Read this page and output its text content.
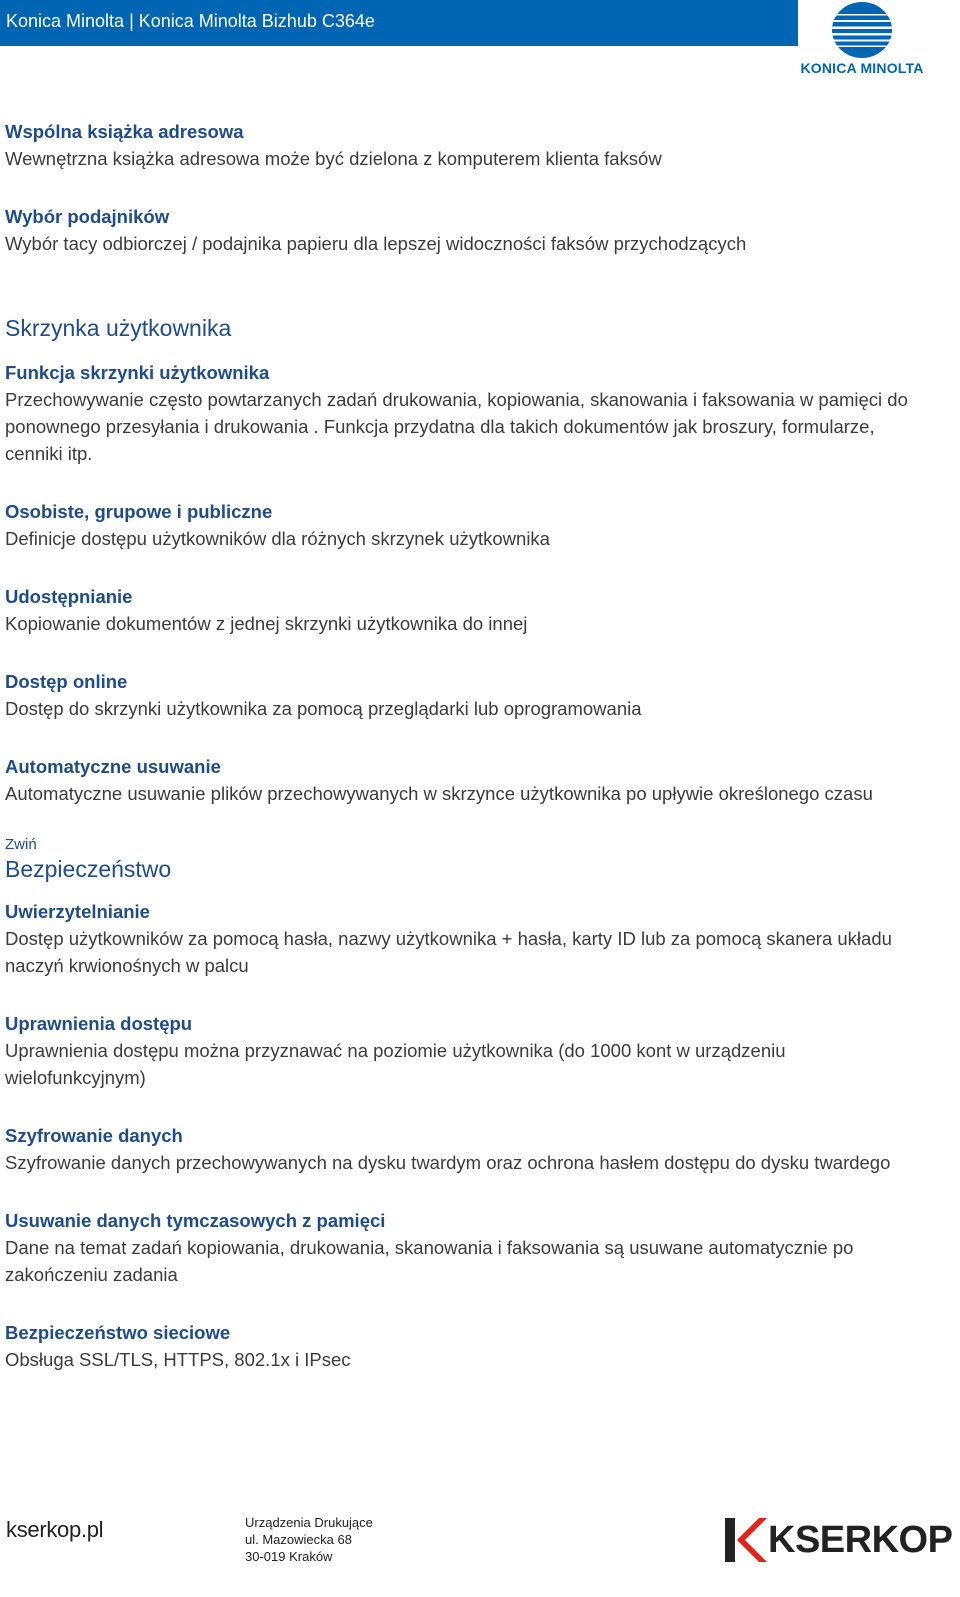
Konica Minolta | Konica Minolta Bizhub C364e
KONICA MINOLTA
Wspólna książka adresowa
Wewnętrzna książka adresowa może być dzielona z komputerem klienta faksów
Wybór podajników
Wybór tacy odbiorczej / podajnika papieru dla lepszej widoczności faksów przychodzących
Skrzynka użytkownika
Funkcja skrzynki użytkownika
Przechowywanie często powtarzanych zadań drukowania, kopiowania, skanowania i faksowania w pamięci do ponownego przesyłania i drukowania . Funkcja przydatna dla takich dokumentów jak broszury, formularze, cenniki itp.
Osobiste, grupowe i publiczne
Definicje dostępu użytkowników dla różnych skrzynek użytkownika
Udostępnianie
Kopiowanie dokumentów z jednej skrzynki użytkownika do innej
Dostęp online
Dostęp do skrzynki użytkownika za pomocą przeglądarki lub oprogramowania
Automatyczne usuwanie
Automatyczne usuwanie plików przechowywanych w skrzynce użytkownika po upływie określonego czasu
Zwiń
Bezpieczeństwo
Uwierzytelnianie
Dostęp użytkowników za pomocą hasła, nazwy użytkownika + hasła, karty ID lub za pomocą skanera układu naczyń krwionośnych w palcu
Uprawnienia dostępu
Uprawnienia dostępu można przyznawać na poziomie użytkownika (do 1000 kont w urządzeniu wielofunkcyjnym)
Szyfrowanie danych
Szyfrowanie danych przechowywanych na dysku twardym oraz ochrona hasłem dostępu do dysku twardego
Usuwanie danych tymczasowych z pamięci
Dane na temat zadań kopiowania, drukowania, skanowania i faksowania są usuwane automatycznie po zakończeniu zadania
Bezpieczeństwo sieciowe
Obsługa SSL/TLS, HTTPS, 802.1x i IPsec
kserkop.pl	Urządzenia Drukujące
ul. Mazowiecka 68
30-019 Kraków	KSERKOP
